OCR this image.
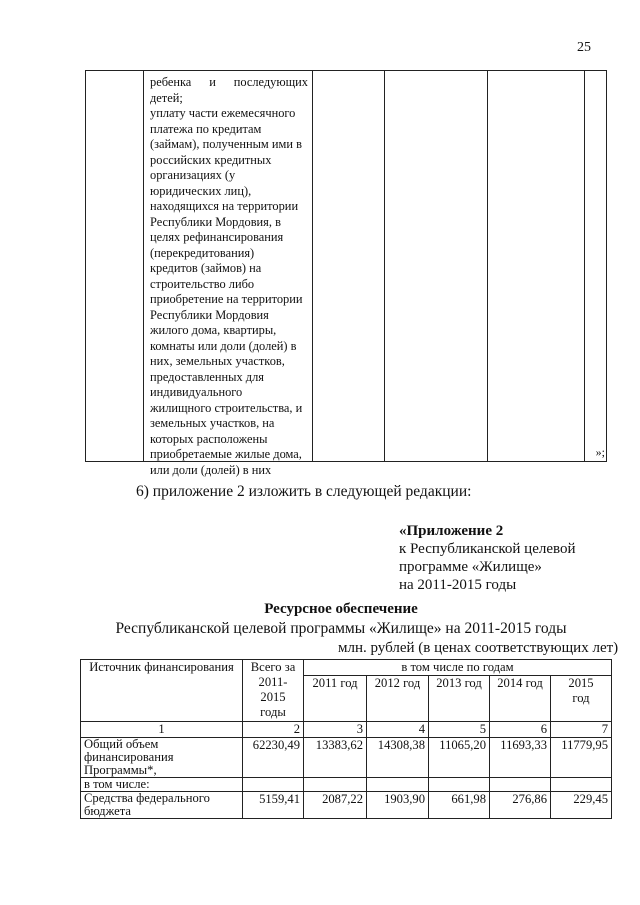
25
ребенка и последующих
детей;
уплату части ежемесячного
платежа по кредитам
(займам), полученным ими в
российских кредитных
организациях (у
юридических лиц),
находящихся на территории
Республики Мордовия, в
целях рефинансирования
(перекредитования)
кредитов (займов) на
строительство либо
приобретение на территории
Республики Мордовия
жилого дома, квартиры,
комнаты или доли (долей) в
них, земельных участков,
предоставленных для
индивидуального
жилищного строительства, и
земельных участков, на
которых расположены
приобретаемые жилые дома,
или доли (долей) в них
»;
6) приложение 2 изложить в следующей редакции:
«Приложение 2
к Республиканской целевой
программе «Жилище»
на 2011-2015 годы
Ресурсное обеспечение
Республиканской целевой программы «Жилище» на 2011-2015 годы
млн. рублей (в ценах соответствующих лет)
Источник финансирования	Всего за
2011-
2015
годы	в том числе по годам				
		2011 год	2012 год	2013 год	2014 год	2015
год

1	2	3	4	5	6	7

Общий объем
финансирования
Программы*,	62230,49	13383,62	14308,38	11065,20	11693,33	11779,95
в том числе:						

Средства федерального
бюджета	5159,41	2087,22	1903,90	661,98	276,86	229,45
